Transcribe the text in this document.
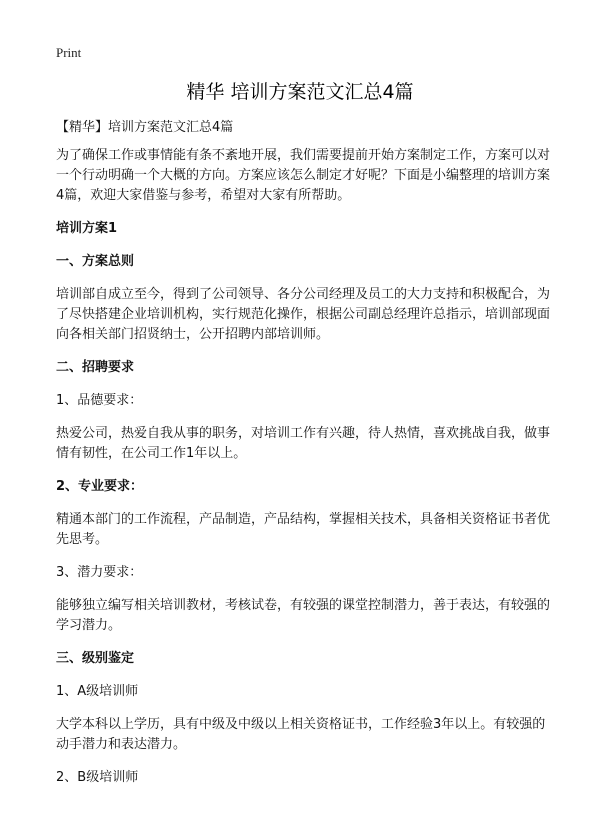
Print
精华 培训方案范文汇总4篇

【精华】培训方案范文汇总4篇

为了确保工作或事情能有条不紊地开展，我们需要提前开始方案制定工作，方案可以对一个行动明确一个大概的方向。方案应该怎么制定才好呢？下面是小编整理的培训方案4篇，欢迎大家借鉴与参考，希望对大家有所帮助。

培训方案1

一、方案总则

培训部自成立至今，得到了公司领导、各分公司经理及员工的大力支持和积极配合，为了尽快搭建企业培训机构，实行规范化操作，根据公司副总经理许总指示，培训部现面向各相关部门招贤纳士，公开招聘内部培训师。

二、招聘要求

1、品德要求：

热爱公司，热爱自我从事的职务，对培训工作有兴趣，待人热情，喜欢挑战自我，做事情有韧性，在公司工作1年以上。

2、专业要求：

精通本部门的工作流程，产品制造，产品结构，掌握相关技术，具备相关资格证书者优先思考。

3、潜力要求：

能够独立编写相关培训教材，考核试卷，有较强的课堂控制潜力，善于表达，有较强的学习潜力。

三、级别鉴定

1、A级培训师

大学本科以上学历，具有中级及中级以上相关资格证书，工作经验3年以上。有较强的动手潜力和表达潜力。

2、B级培训师
